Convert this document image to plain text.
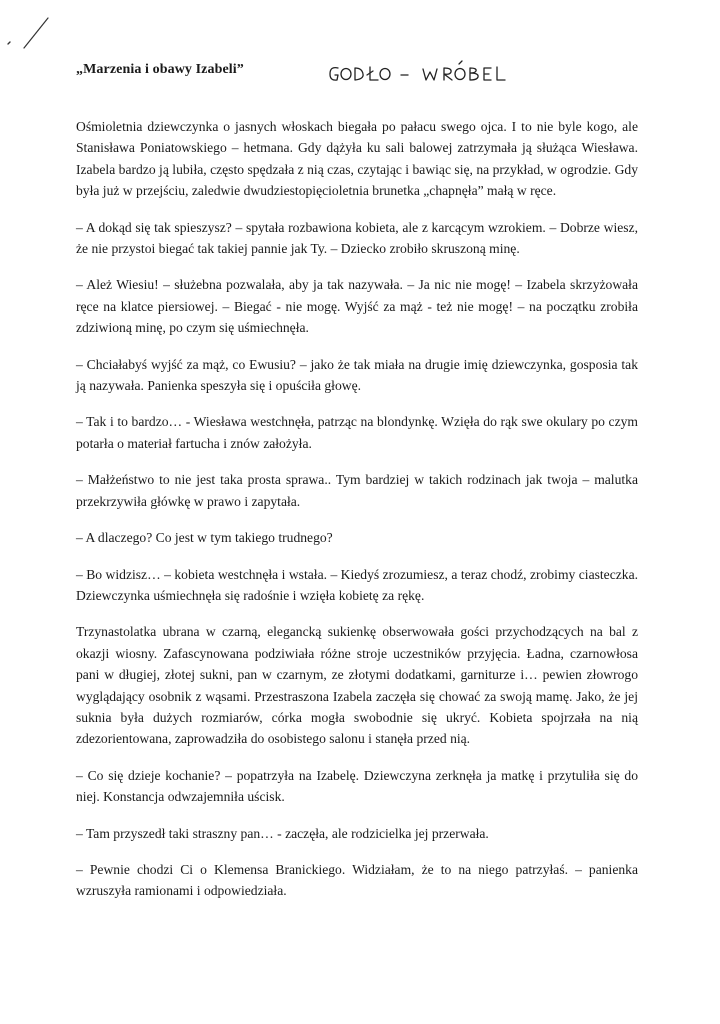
„Marzenia i obawy Izabeli”
GODŁO - WRÓBEL

Ośmioletnia dziewczynka o jasnych włoskach biegała po pałacu swego ojca. I to nie byle kogo, ale Stanisława Poniatowskiego – hetmana. Gdy dążyła ku sali balowej zatrzymała ją służąca Wiesława. Izabela bardzo ją lubiła, często spędzała z nią czas, czytając i bawiąc się, na przykład, w ogrodzie. Gdy była już w przejściu, zaledwie dwudziestopięcioletnia brunetka „chapnęła” małą w ręce.

– A dokąd się tak spieszysz? – spytała rozbawiona kobieta, ale z karcącym wzrokiem. – Dobrze wiesz, że nie przystoi biegać tak takiej pannie jak Ty. – Dziecko zrobiło skruszoną minę.

– Ależ Wiesiu! – służebna pozwalała, aby ja tak nazywała. – Ja nic nie mogę! – Izabela skrzyżowała ręce na klatce piersiowej. – Biegać - nie mogę. Wyjść za mąż - też nie mogę! – na początku zrobiła zdziwioną minę, po czym się uśmiechnęła.

– Chciałabyś wyjść za mąż, co Ewusiu? – jako że tak miała na drugie imię dziewczynka, gosposia tak ją nazywała. Panienka speszyła się i opuściła głowę.

– Tak i to bardzo… - Wiesława westchnęła, patrząc na blondynkę. Wzięła do rąk swe okulary po czym potarła o materiał fartucha i znów założyła.

– Małżeństwo to nie jest taka prosta sprawa.. Tym bardziej w takich rodzinach jak twoja – malutka przekrzywiła główkę w prawo i zapytała.

– A dlaczego? Co jest w tym takiego trudnego?

– Bo widzisz… – kobieta westchnęła i wstała. – Kiedyś zrozumiesz, a teraz chodź, zrobimy ciasteczka. Dziewczynka uśmiechnęła się radośnie i wzięła kobietę za rękę.

Trzynastolatka ubrana w czarną, elegancką sukienkę obserwowała gości przychodzących na bal z okazji wiosny. Zafascynowana podziwiała różne stroje uczestników przyjęcia. Ładna, czarnowłosa pani w długiej, złotej sukni, pan w czarnym, ze złotymi dodatkami, garniturze i… pewien złowrogo wyglądający osobnik z wąsami. Przestraszona Izabela zaczęła się chować za swoją mamę. Jako, że jej suknia była dużych rozmiarów, córka mogła swobodnie się ukryć. Kobieta spojrzała na nią zdezorientowana, zaprowadziła do osobistego salonu i stanęła przed nią.

– Co się dzieje kochanie? – popatrzyła na Izabelę. Dziewczyna zerknęła ja matkę i przytuliła się do niej. Konstancja odwzajemniła uścisk.

– Tam przyszedł taki straszny pan… - zaczęła, ale rodzicielka jej przerwała.

– Pewnie chodzi Ci o Klemensa Branickiego. Widziałam, że to na niego patrzyłaś. – panienka wzruszyła ramionami i odpowiedziała.
